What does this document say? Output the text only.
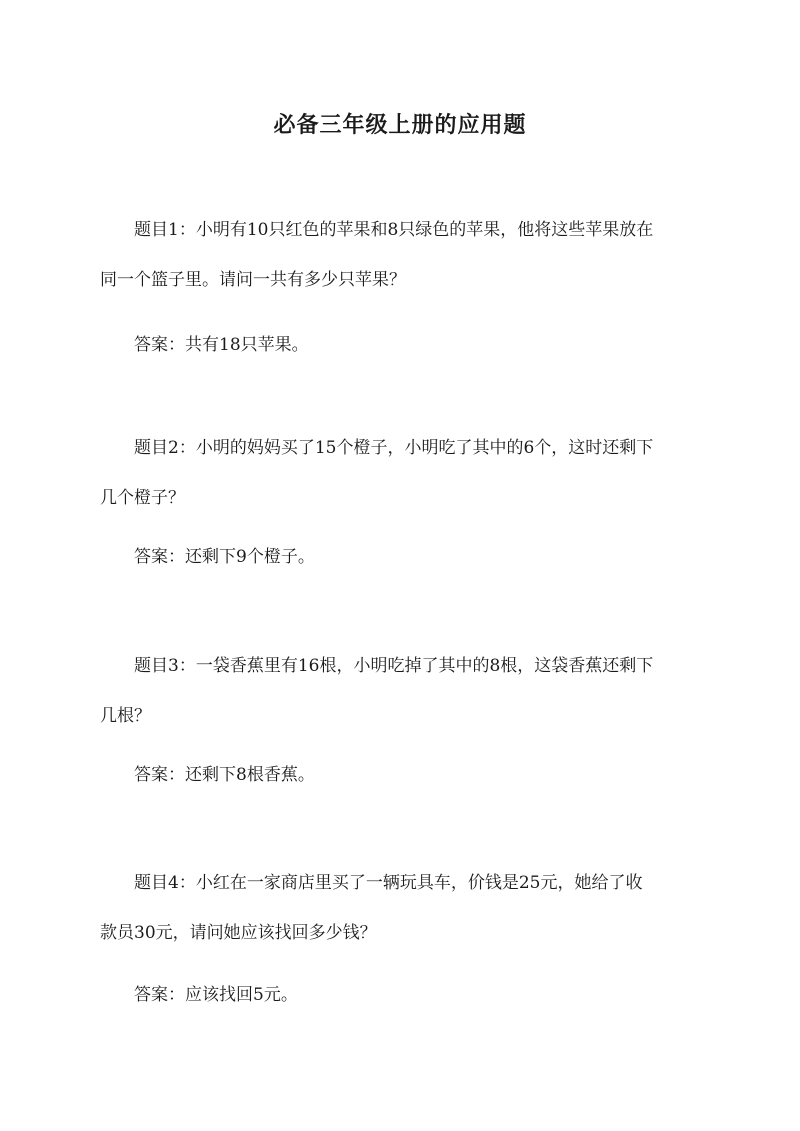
必备三年级上册的应用题

题目1：小明有10只红色的苹果和8只绿色的苹果，他将这些苹果放在
同一个篮子里。请问一共有多少只苹果？

答案：共有18只苹果。

题目2：小明的妈妈买了15个橙子，小明吃了其中的6个，这时还剩下
几个橙子？

答案：还剩下9个橙子。

题目3：一袋香蕉里有16根，小明吃掉了其中的8根，这袋香蕉还剩下
几根？

答案：还剩下8根香蕉。

题目4：小红在一家商店里买了一辆玩具车，价钱是25元，她给了收
款员30元，请问她应该找回多少钱？

答案：应该找回5元。
